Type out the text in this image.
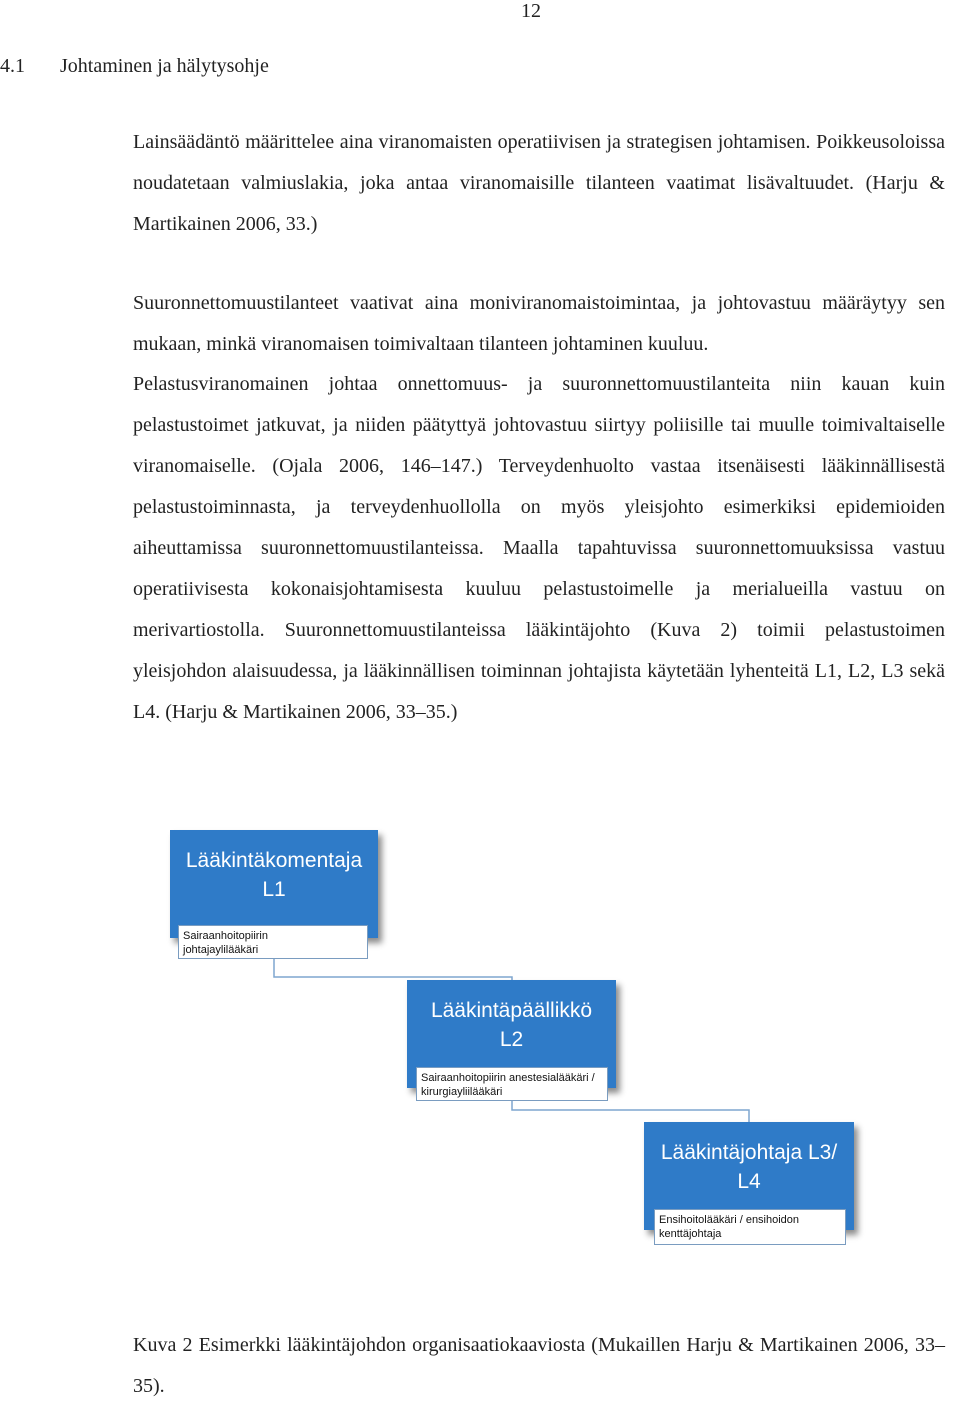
12
4.1 Johtaminen ja hälytysohje
Lainsäädäntö määrittelee aina viranomaisten operatiivisen ja strategisen johtamisen. Poikkeusoloissa noudatetaan valmiuslakia, joka antaa viranomaisille tilanteen vaatimat lisävaltuudet. (Harju & Martikainen 2006, 33.)
Suuronnettomuustilanteet vaativat aina moniviranomaistoimintaa, ja johtovastuu määräytyy sen mukaan, minkä viranomaisen toimivaltaan tilanteen johtaminen kuuluu.
Pelastusviranomainen johtaa onnettomuus- ja suuronnettomuustilanteita niin kauan kuin pelastustoimet jatkuvat, ja niiden päätyttyä johtovastuu siirtyy poliisille tai muulle toimivaltaiselle viranomaiselle. (Ojala 2006, 146–147.) Terveydenhuolto vastaa itsenäisesti lääkinnällisestä pelastustoiminnasta, ja terveydenhuollolla on myös yleisjohto esimerkiksi epidemioiden aiheuttamissa suuronnettomuustilanteissa. Maalla tapahtuvissa suuronnettomuuksissa vastuu operatiivisesta kokonaisjohtamisesta kuuluu pelastustoimelle ja merialueilla vastuu on merivartiostolla. Suuronnettomuustilanteissa lääkintäjohto (Kuva 2) toimii pelastustoimen yleisjohdon alaisuudessa, ja lääkinnällisen toiminnan johtajista käytetään lyhenteitä L1, L2, L3 sekä L4. (Harju & Martikainen 2006, 33–35.)
Lääkintäkomentaja
L1
Sairaanhoitopiirin
johtajaylilääkäri
Lääkintäpäällikkö
L2
Sairaanhoitopiirin anestesialääkäri /
kirurgiayliilääkäri
Lääkintäjohtaja L3/
L4
Ensihoitolääkäri / ensihoidon
kenttäjohtaja
Kuva 2 Esimerkki lääkintäjohdon organisaatiokaaviosta (Mukaillen Harju & Martikainen 2006, 33–35).
